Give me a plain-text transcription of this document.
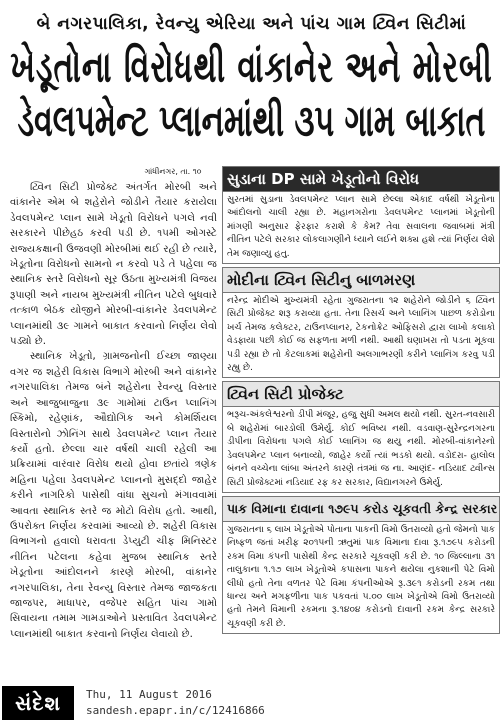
બે નગરપાલિકા, રેવન્યુ એરિયા અને પાંચ ગામ ટ્વિન સિટીમાં
ખેડૂતોના વિરોધથી વાંકાનેર અને મોરબી
ડેવલપમેન્ટ પ્લાનમાંથી ૩૫ ગામ બાકાત
ગાંધીનગર, તા. ૧૦

ટ્વિન સિટી પ્રોજેક્ટ અંતર્ગત મોરબી અને વાંકાનેર એમ બે શહેરોને જોડીને તૈયાર કરાયેલા ડેવલપમેન્ટ પ્લાન સામે ખેડૂતો વિરોધને પગલે નવી સરકારને પીછેહઠ કરવી પડી છે. ૧૫મી ઓગસ્ટે રાજ્યકક્ષાની ઉજવણી મોરબીમાં થઈ રહી છે ત્યારે, ખેડૂતોના વિરોધનો સામનો ન કરવો પડે તે પહેલા જ સ્થાનિક સ્તરે વિરોધનો સૂર ઉઠતા મુખ્યમંત્રી વિજય રૂપાણી અને નાયબ મુખ્યમંત્રી નીતિન પટેલે બુધવારે તત્કાળ બેઠક યોજીને મોરબી-વાંકાનેર ડેવલપમેન્ટ પ્લાનમાંથી ૩૯ ગામને બાકાત કરવાનો નિર્ણય લેવો પડ્યો છે.

સ્થાનિક ખેડૂતો, ગ્રામજનોની ઈચ્છા જાણ્યા વગર જ શહેરી વિકાસ વિભાગે મોરબી અને વાંકાનેર નગરપાલિકા તેમજ બંને શહેરોના રેવન્યુ વિસ્તાર અને આજુબાજુના ૩૯ ગામોમાં ટાઉન પ્લાનિંગ સ્કિમો, રહેણાંક, ઔદ્યોગિક અને કોમર્શિયલ વિસ્તારોનો ઝોનિંગ સાથે ડેવલપમેન્ટ પ્લાન તૈયાર કર્યો હતો. છેલ્લા ચાર વર્ષથી ચાલી રહેલી આ પ્રક્રિયામાં વારંવાર વિરોધ થયો હોવા છતાંયે ત્રણેક મહિના પહેલા ડેવલપમેન્ટ પ્લાનનો મુસદ્દો જાહેર કરીને નાગરિકો પાસેથી વાંધા સુચનો મંગાવવામાં આવતા સ્થાનિક સ્તરે જ મોટો વિરોધ હતો. આથી, ઉપરોક્ત નિર્ણય કરવામાં આવ્યો છે. શહેરી વિકાસ વિભાગનો હવાલો ધરાવતા ડેપ્યુટી ચીફ મિનિસ્ટર નીતિન પટેલના કહેવા મુજબ સ્થાનિક સ્તરે ખેડૂતોના આંદોલનને કારણે મોરબી, વાંકાનેર નગરપાલિકા, તેના રેવન્યુ વિસ્તાર તેમજ જાજકતા જાજપર, માધાપર, વજેપર સહિત પાંચ ગામો સિવાયના તમામ ગામડાઓને પ્રસ્તાવિત ડેવલપમેન્ટ પ્લાનમાંથી બાકાત કરવાનો નિર્ણય લેવાયો છે.

સુડાના DP સામે ખેડૂતોનો વિરોધ
સુરતમાં સુડાના ડેવલપમેન્ટ પ્લાન સામે છેલ્લા એકાદ વર્ષથી ખેડૂતોના આંદોલનો ચાલી રહ્યા છે. મહાનગરોના ડેવલપમેન્ટ પ્લાનમાં ખેડૂતોની માંગણી અનુસાર ફેરફાર કરાશે કે કેમ? તેવા સવાલના જવાબમાં મંત્રી નીતિન પટેલે સરકાર લોકલાગણીને ધ્યાને લઈને શક્ય હશે ત્યાં નિર્ણય લેશે તેમ જણાવ્યુ હતુ.
મોદીના ટ્વિન સિટીનુ બાળમરણ
નરેન્દ્ર મોદીએ મુખ્યમંત્રી રહેતા ગુજરાતના ૧૨ શહેરોને જોડીને ૬ ટ્વિન સિટી પ્રોજેક્ટ શરૂ કરાવ્યા હતા. તેના રિસર્ચ અને પ્લાનિંગ પાછળ કરોડોના ખર્ચ તેમજ કલેક્ટર, ટાઉનપ્લાનર, ટેકનોક્રેટ ઓફિસરો દ્વારા લાખો કલાકો વેડફાયા પછી કોઈ જ સફળતા મળી નથી. આથી ઘણાખરા તો પડતા મૂકવા પડી રહ્યા છે તો કેટલાકમાં શહેરોની અલગાભરણી કરીને પ્લાનિંગ કરવુ પડી રહ્યુ છે.
ટ્વિન સિટી પ્રોજેક્ટ
ભરૂચ-અંકલેશ્વરનો ડીપી મંજૂર, હજુ સુધી અમલ થયો નથી. સુરત-નવસારી બે શહેરોમાં બારડોલી ઉમેર્યુ. કોઈ ભવિષ્ય નથી. વડવાણ-સુરેન્દ્રનગરના ડીપીના વિરોધના પગલે કોઈ પ્લાનિંગ જ થયુ નથી. મોરબી-વાંકાનેરનો ડેવલપમેન્ટ પ્લાન બનાવ્યો, જાહેર કર્યો ત્યાં ભડકો થયો. વડોદરા- હાલોલ બંનને વચ્ચેના લાંબા અંતરને કારણે તંત્રમાં જ ના. આણંદ- નડિયાદ ટ્વીન્સ સિટી પ્રોજેક્ટમાં નડિયાદ રફ કર સરકાર, વિદ્યાનગરને ઉમેર્યુ.
પાક વિમાના દાવાના ૧૭૯૫ કરોડ ચૂકવતી કેન્દ્ર સરકાર
ગુજરાતના ૬ લાખ ખેડૂતોએ પોતાના પાકની વિમો ઉતરાવ્યો હતો જેમનો પાક નિષ્ફળ જતાં ખરીફ ૨૦૧૫ની ઋતુમાં પાક વિમાના દાવા રૂ.૧૭૯૫ કરોડની રકમ વિમા કંપની પાસેથી કેન્દ્ર સરકારે ચૂકવણી કરી છે. ૧૦ જિલ્લાના ૩૧ તાલુકાના ૧.૧૭ લાખ ખેડૂતોએ કપાસના પાકને થયેલા નુકશાની પેટે વિમો લીધો હતો તેના વળતર પેટે વિમા કંપનીઓએ રૂ.૩૯૧ કરોડની રકમ તથા ધાન્ય અને મગફળીના પાક પકવતાં ૫.૦૦ લાખ ખેડૂતોએ વિમો ઉતરાવ્યો હતો તેમને વિમાની રકમના રૂ.૧૪૦૪ કરોડનો દાવાની રકમ કેન્દ્ર સરકારે ચૂકવણી કરી છે.
સંદેશ	Thu, 11 August 2016
sandesh.epapr.in/c/12416866
